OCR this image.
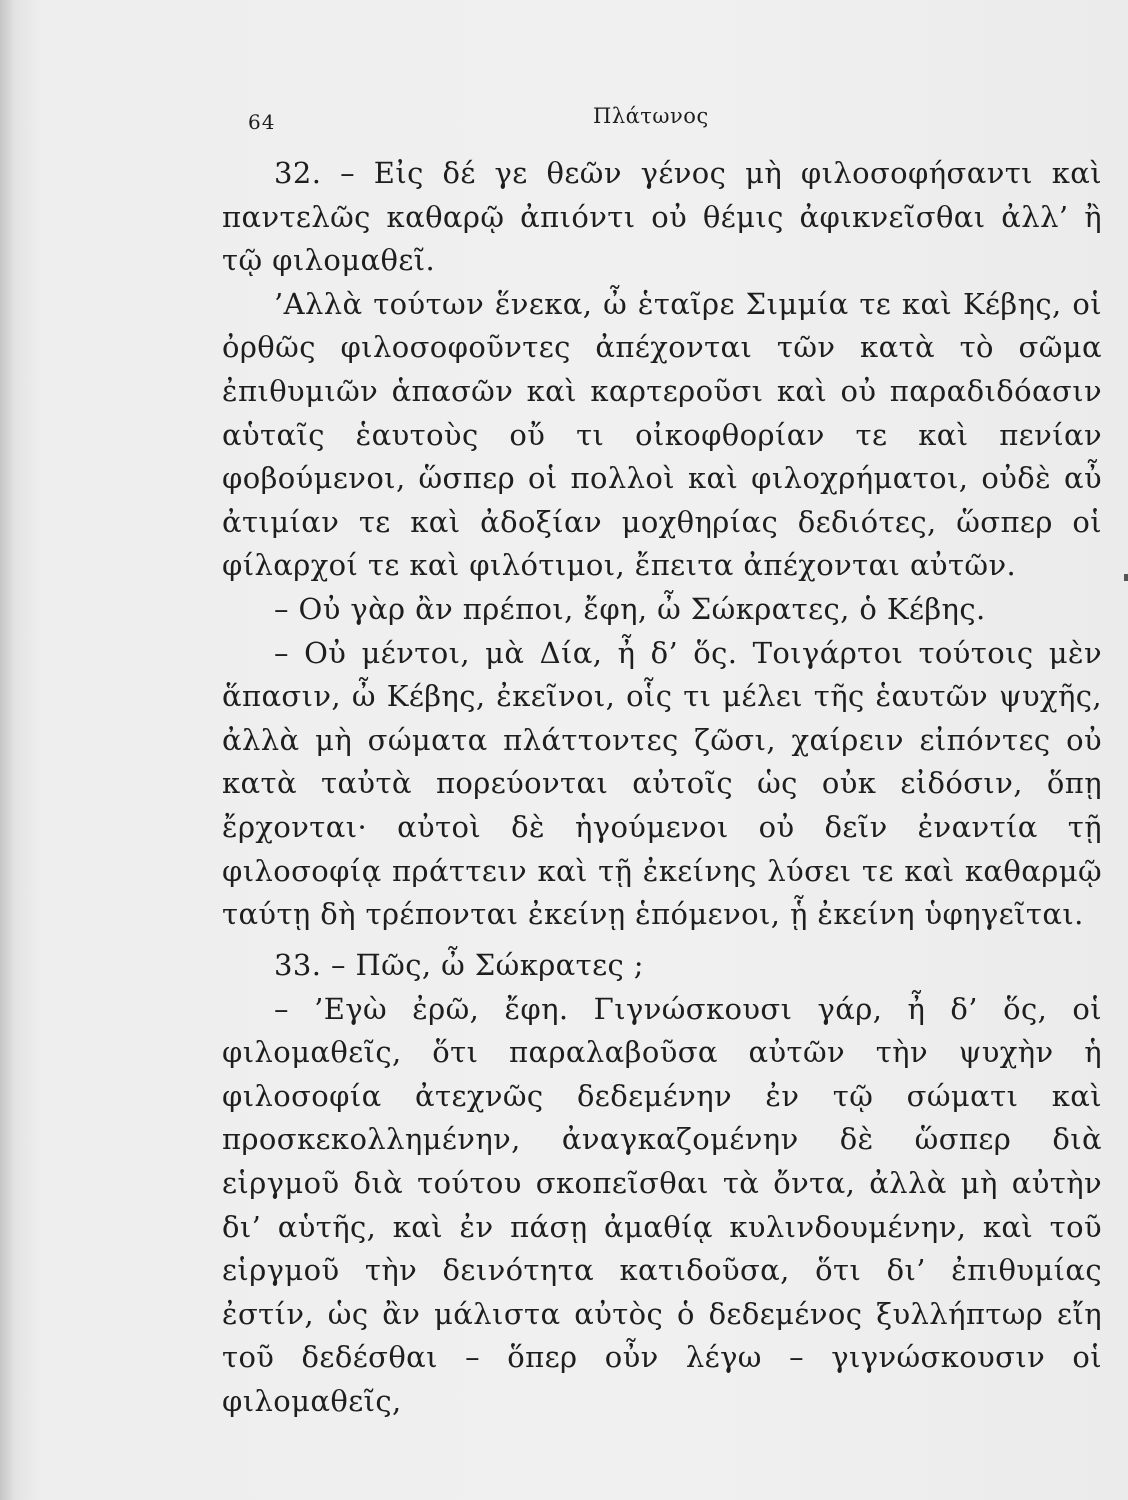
64	Πλάτωνος

32. – Εἰς δέ γε θεῶν γένος μὴ φιλοσοφήσαντι καὶ παντελῶς καθαρῷ ἀπιόντι οὐ θέμις ἀφικνεῖσθαι ἀλλ’ ἢ τῷ φιλομαθεῖ.

’Αλλὰ τούτων ἕνεκα, ὦ ἑταῖρε Σιμμία τε καὶ Κέβης, οἱ ὀρθῶς φιλοσοφοῦντες ἀπέχονται τῶν κατὰ τὸ σῶμα ἐπιθυμιῶν ἁπασῶν καὶ καρτεροῦσι καὶ οὐ παραδιδόασιν αὑταῖς ἑαυτοὺς οὔ τι οἰκοφθορίαν τε καὶ πενίαν φοβούμενοι, ὥσπερ οἱ πολλοὶ καὶ φιλοχρήματοι, οὐδὲ αὖ ἀτιμίαν τε καὶ ἀδοξίαν μοχθηρίας δεδιότες, ὥσπερ οἱ φίλαρχοί τε καὶ φιλότιμοι, ἔπειτα ἀπέχονται αὐτῶν.

– Οὐ γὰρ ἂν πρέποι, ἔφη, ὦ Σώκρατες, ὁ Κέβης.

– Οὐ μέντοι, μὰ Δία, ἦ δ’ ὅς. Τοιγάρτοι τούτοις μὲν ἅπασιν, ὦ Κέβης, ἐκεῖνοι, οἷς τι μέλει τῆς ἑαυτῶν ψυχῆς, ἀλλὰ μὴ σώματα πλάττοντες ζῶσι, χαίρειν εἰπόντες οὐ κατὰ ταὐτὰ πορεύονται αὐτοῖς ὡς οὐκ εἰδόσιν, ὅπῃ ἔρχονται· αὐτοὶ δὲ ἡγούμενοι οὐ δεῖν ἐναντία τῇ φιλοσοφίᾳ πράττειν καὶ τῇ ἐκείνης λύσει τε καὶ καθαρμῷ ταύτῃ δὴ τρέπονται ἐκείνῃ ἑπόμενοι, ᾗ ἐκείνη ὑφηγεῖται.

33. – Πῶς, ὦ Σώκρατες ;

– ’Εγὼ ἐρῶ, ἔφη. Γιγνώσκουσι γάρ, ἦ δ’ ὅς, οἱ φιλομαθεῖς, ὅτι παραλαβοῦσα αὐτῶν τὴν ψυχὴν ἡ φιλοσοφία ἀτεχνῶς δεδεμένην ἐν τῷ σώματι καὶ προσκεκολλημένην, ἀναγκαζομένην δὲ ὥσπερ διὰ εἱργμοῦ διὰ τούτου σκοπεῖσθαι τὰ ὄντα, ἀλλὰ μὴ αὐτὴν δι’ αὑτῆς, καὶ ἐν πάσῃ ἀμαθίᾳ κυλινδουμένην, καὶ τοῦ εἱργμοῦ τὴν δεινότητα κατιδοῦσα, ὅτι δι’ ἐπιθυμίας ἐστίν, ὡς ἂν μάλιστα αὐτὸς ὁ δεδεμένος ξυλλήπτωρ εἴη τοῦ δεδέσθαι – ὅπερ οὖν λέγω – γιγνώσκουσιν οἱ φιλομαθεῖς,
